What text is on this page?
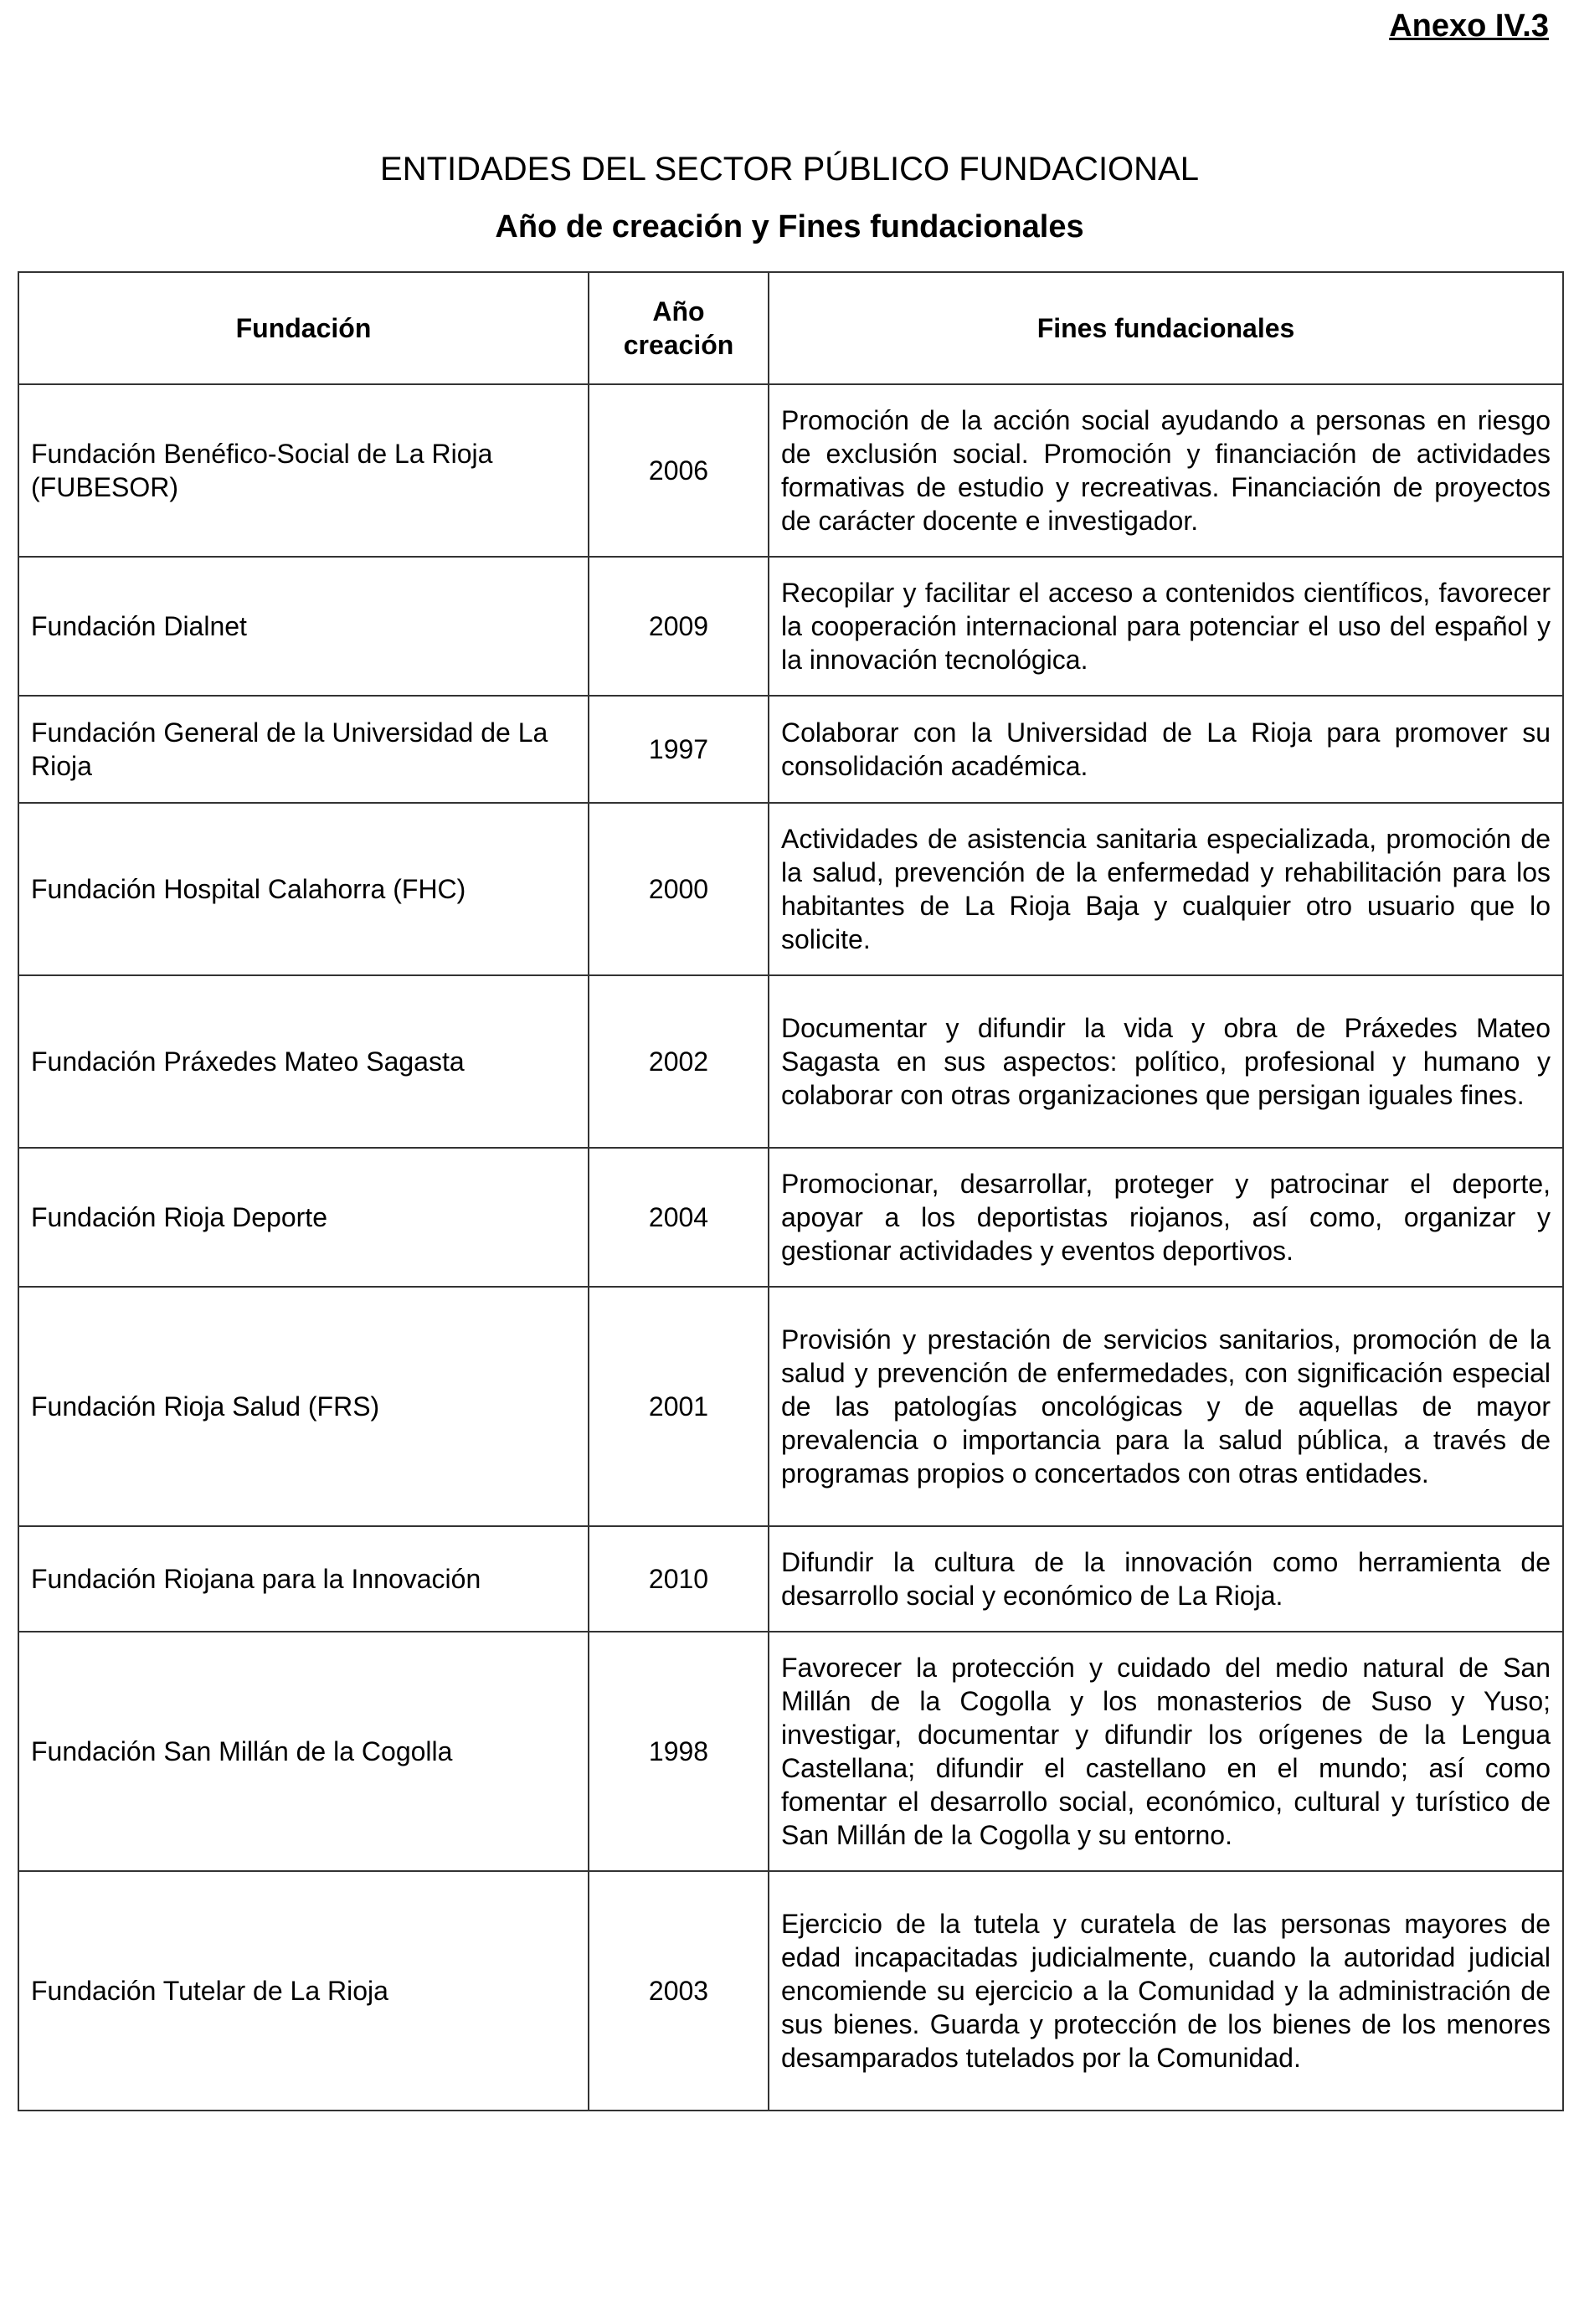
Anexo IV.3
ENTIDADES DEL SECTOR PÚBLICO FUNDACIONAL
Año de creación y Fines fundacionales
Fundación	Año creación	Fines fundacionales
Fundación Benéfico-Social de La Rioja (FUBESOR)	2006	Promoción de la acción social ayudando a personas en riesgo de exclusión social. Promoción y financiación de actividades formativas de estudio y recreativas. Financiación de proyectos de carácter docente e investigador.
Fundación Dialnet	2009	Recopilar y facilitar el acceso a contenidos científicos, favorecer la cooperación internacional para potenciar el uso del español y la innovación tecnológica.
Fundación General de la Universidad de La Rioja	1997	Colaborar con la Universidad de La Rioja para promover su consolidación académica.
Fundación Hospital Calahorra (FHC)	2000	Actividades de asistencia sanitaria especializada, promoción de la salud, prevención de la enfermedad y rehabilitación para los habitantes de La Rioja Baja y cualquier otro usuario que lo solicite.
Fundación Práxedes Mateo Sagasta	2002	Documentar y difundir la vida y obra de Práxedes Mateo Sagasta en sus aspectos: político, profesional y humano y colaborar con otras organizaciones que persigan iguales fines.
Fundación Rioja Deporte	2004	Promocionar, desarrollar, proteger y patrocinar el deporte, apoyar a los deportistas riojanos, así como, organizar y gestionar actividades y eventos deportivos.
Fundación Rioja Salud (FRS)	2001	Provisión y prestación de servicios sanitarios, promoción de la salud y prevención de enfermedades, con significación especial de las patologías oncológicas y de aquellas de mayor prevalencia o importancia para la salud pública, a través de programas propios o concertados con otras entidades.
Fundación Riojana para la Innovación	2010	Difundir la cultura de la innovación como herramienta de desarrollo social y económico de La Rioja.
Fundación San Millán de la Cogolla	1998	Favorecer la protección y cuidado del medio natural de San Millán de la Cogolla y los monasterios de Suso y Yuso; investigar, documentar y difundir los orígenes de la Lengua Castellana; difundir el castellano en el mundo; así como fomentar el desarrollo social, económico, cultural y turístico de San Millán de la Cogolla y su entorno.
Fundación Tutelar de La Rioja	2003	Ejercicio de la tutela y curatela de las personas mayores de edad incapacitadas judicialmente, cuando la autoridad judicial encomiende su ejercicio a la Comunidad y la administración de sus bienes. Guarda y protección de los bienes de los menores desamparados tutelados por la Comunidad.
